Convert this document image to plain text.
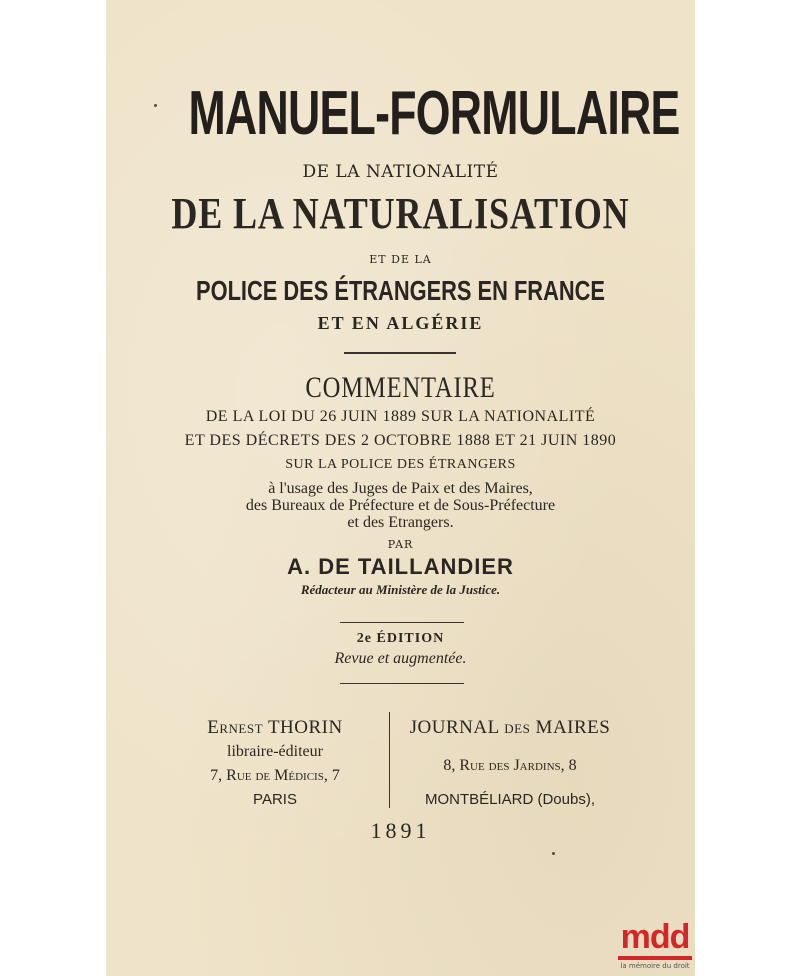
MANUEL-FORMULAIRE
DE LA NATIONALITÉ
DE LA NATURALISATION
ET DE LA
POLICE DES ÉTRANGERS EN FRANCE
ET EN ALGÉRIE
COMMENTAIRE
DE LA LOI DU 26 JUIN 1889 SUR LA NATIONALITÉ
ET DES DÉCRETS DES 2 OCTOBRE 1888 ET 21 JUIN 1890
SUR LA POLICE DES ÉTRANGERS
à l'usage des Juges de Paix et des Maires,
des Bureaux de Préfecture et de Sous-Préfecture
et des Etrangers.
PAR
A. DE TAILLANDIER
Rédacteur au Ministère de la Justice.
2e ÉDITION
Revue et augmentée.
Ernest THORIN
libraire-éditeur
7, Rue de Médicis, 7
PARIS
JOURNAL des MAIRES
8, Rue des Jardins, 8
MONTBÉLIARD (Doubs),
1891
mdd
la mémoire du droit
